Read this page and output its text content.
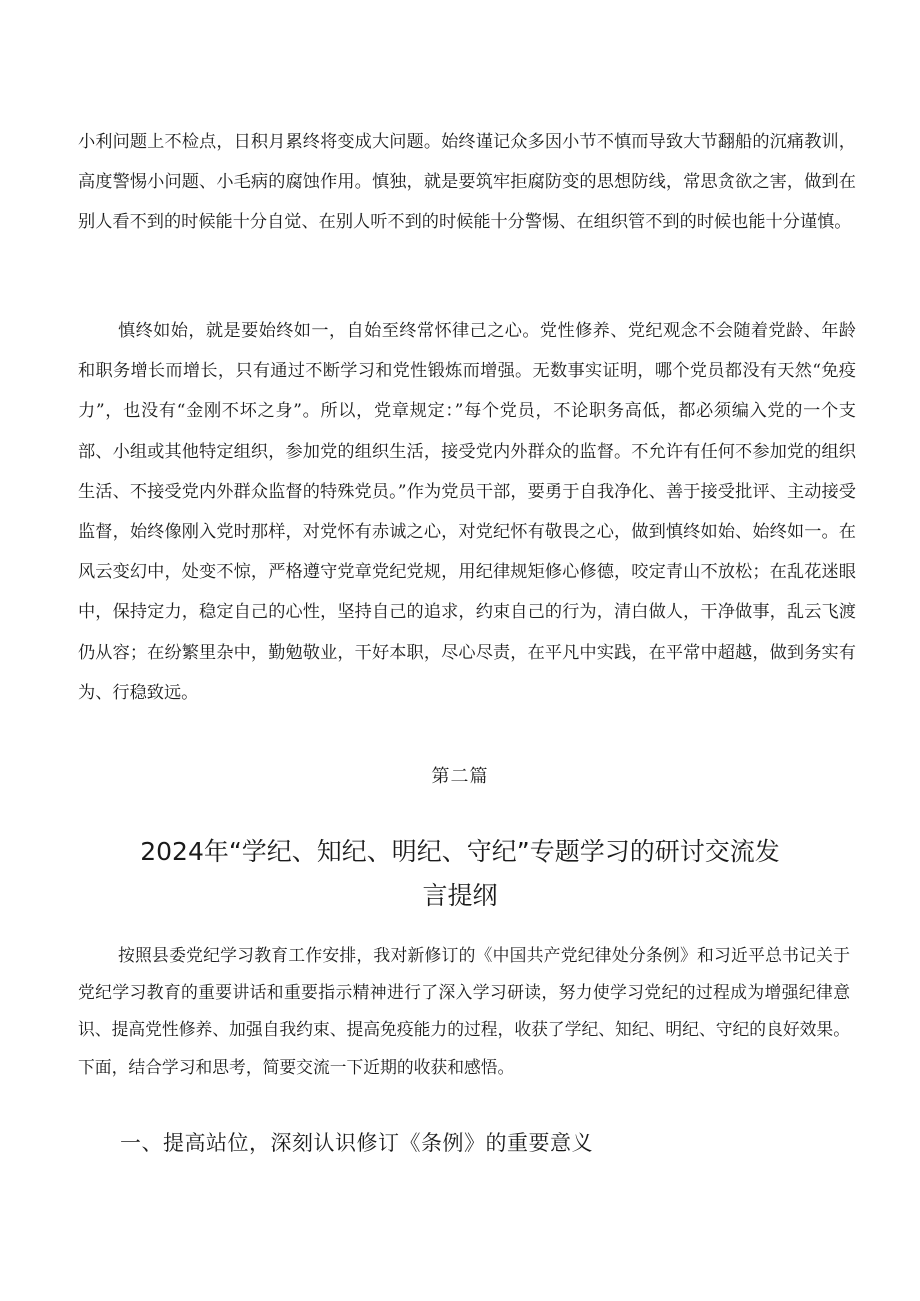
小利问题上不检点，日积月累终将变成大问题。始终谨记众多因小节不慎而导致大节翻船的沉痛教训，高度警惕小问题、小毛病的腐蚀作用。慎独，就是要筑牢拒腐防变的思想防线，常思贪欲之害，做到在别人看不到的时候能十分自觉、在别人听不到的时候能十分警惕、在组织管不到的时候也能十分谨慎。

慎终如始，就是要始终如一，自始至终常怀律己之心。党性修养、党纪观念不会随着党龄、年龄和职务增长而增长，只有通过不断学习和党性锻炼而增强。无数事实证明，哪个党员都没有天然“免疫力”，也没有“金刚不坏之身”。所以，党章规定：”每个党员，不论职务高低，都必须编入党的一个支部、小组或其他特定组织，参加党的组织生活，接受党内外群众的监督。不允许有任何不参加党的组织生活、不接受党内外群众监督的特殊党员。”作为党员干部，要勇于自我净化、善于接受批评、主动接受监督，始终像刚入党时那样，对党怀有赤诚之心，对党纪怀有敬畏之心，做到慎终如始、始终如一。在风云变幻中，处变不惊，严格遵守党章党纪党规，用纪律规矩修心修德，咬定青山不放松；在乱花迷眼中，保持定力，稳定自己的心性，坚持自己的追求，约束自己的行为，清白做人，干净做事，乱云飞渡仍从容；在纷繁里杂中，勤勉敬业，干好本职，尽心尽责，在平凡中实践，在平常中超越，做到务实有为、行稳致远。

第二篇
2024年“学纪、知纪、明纪、守纪”专题学习的研讨交流发
言提纲

按照县委党纪学习教育工作安排，我对新修订的《中国共产党纪律处分条例》和习近平总书记关于党纪学习教育的重要讲话和重要指示精神进行了深入学习研读，努力使学习党纪的过程成为增强纪律意识、提高党性修养、加强自我约束、提高免疫能力的过程，收获了学纪、知纪、明纪、守纪的良好效果。下面，结合学习和思考，简要交流一下近期的收获和感悟。

一、提高站位，深刻认识修订《条例》的重要意义
